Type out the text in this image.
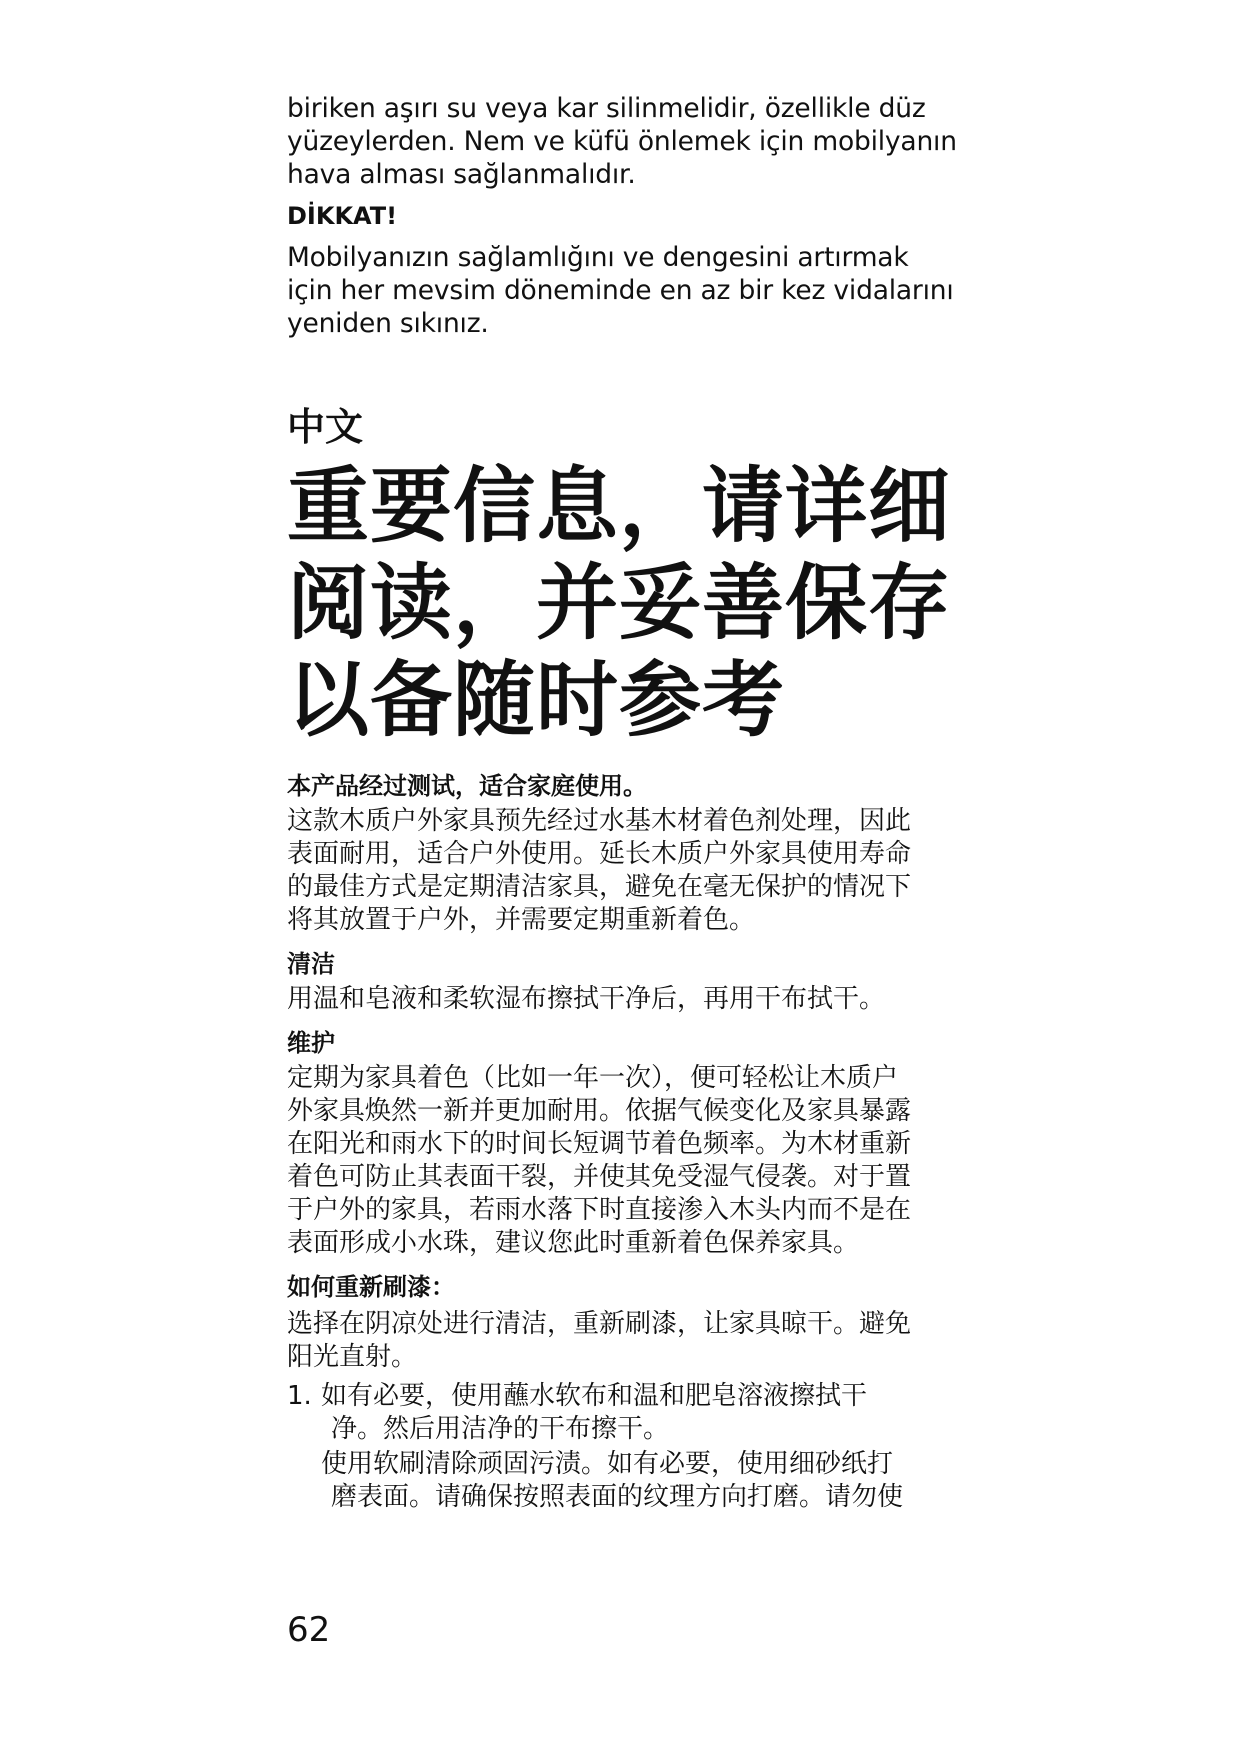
biriken aşırı su veya kar silinmelidir, özellikle düz

yüzeylerden. Nem ve küfü önlemek için mobilyanın

hava alması sağlanmalıdır.

DİKKAT!

Mobilyanızın sağlamlığını ve dengesini artırmak

için her mevsim döneminde en az bir kez vidalarını

yeniden sıkınız.

中文

重要信息，请详细

阅读，并妥善保存

以备随时参考

本产品经过测试，适合家庭使用。

这款木质户外家具预先经过水基木材着色剂处理，因此

表面耐用，适合户外使用。延长木质户外家具使用寿命

的最佳方式是定期清洁家具，避免在毫无保护的情况下

将其放置于户外，并需要定期重新着色。

清洁

用温和皂液和柔软湿布擦拭干净后，再用干布拭干。

维护

定期为家具着色（比如一年一次），便可轻松让木质户

外家具焕然一新并更加耐用。依据气候变化及家具暴露

在阳光和雨水下的时间长短调节着色频率。为木材重新

着色可防止其表面干裂，并使其免受湿气侵袭。对于置

于户外的家具，若雨水落下时直接渗入木头内而不是在

表面形成小水珠，建议您此时重新着色保养家具。

如何重新刷漆：

选择在阴凉处进行清洁，重新刷漆，让家具晾干。避免

阳光直射。

1. 如有必要，使用蘸水软布和温和肥皂溶液擦拭干

净。然后用洁净的干布擦干。

使用软刷清除顽固污渍。如有必要，使用细砂纸打

磨表面。请确保按照表面的纹理方向打磨。请勿使

62
